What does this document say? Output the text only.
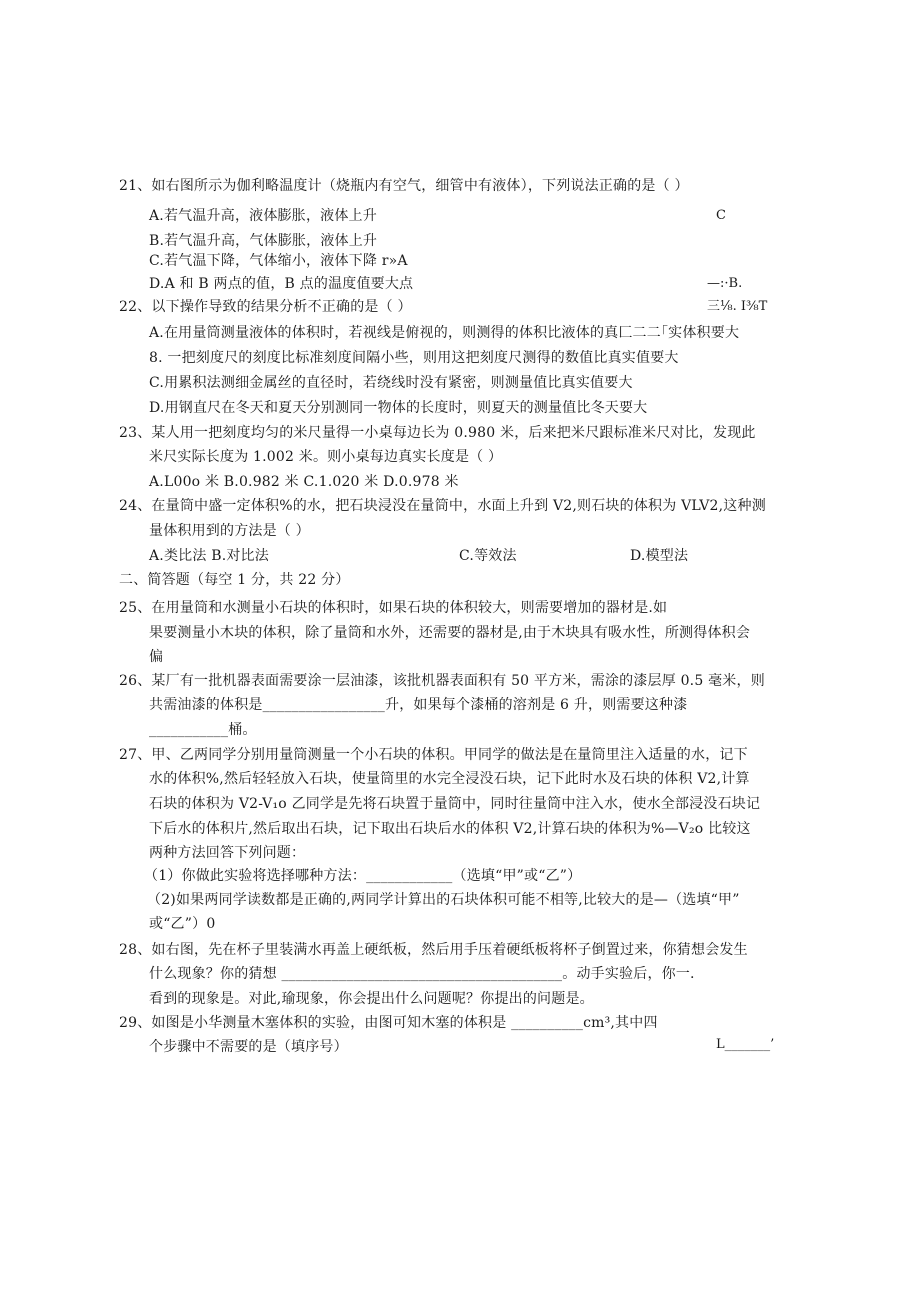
21、如右图所示为伽利略温度计（烧瓶内有空气，细管中有液体），下列说法正确的是（ ）
A.若气温升高，液体膨胀，液体上升	C
B.若气温升高，气体膨胀，液体上升
C.若气温下降，气体缩小，液体下降 r»A
D.A 和 B 两点的值，B 点的温度值要大点	—:·B.
22、以下操作导致的结果分析不正确的是（ ）	三⅛. I⅜T
A.在用量筒测量液体的体积时，若视线是俯视的，则测得的体积比液体的真匚二二｢实体积要大
8. 一把刻度尺的刻度比标准刻度间隔小些，则用这把刻度尺测得的数值比真实值要大
C.用累积法测细金属丝的直径时，若绕线时没有紧密，则测量值比真实值要大
D.用钢直尺在冬天和夏天分别测同一物体的长度时，则夏天的测量值比冬天要大
23、某人用一把刻度均匀的米尺量得一小桌每边长为 0.980 米，后来把米尺跟标准米尺对比，发现此
米尺实际长度为 1.002 米。则小桌每边真实长度是（ ）
A.L00o 米 B.0.982 米 C.1.020 米 D.0.978 米
24、在量筒中盛一定体积%的水，把石块浸没在量筒中，水面上升到 V2,则石块的体积为 VLV2,这种测
量体积用到的方法是（ ）
A.类比法 B.对比法	C.等效法	D.模型法
二、简答题（每空 1 分，共 22 分）
25、在用量筒和水测量小石块的体积时，如果石块的体积较大，则需要增加的器材是.如
果要测量小木块的体积，除了量筒和水外，还需要的器材是,由于木块具有吸水性，所测得体积会
偏
26、某厂有一批机器表面需要涂一层油漆，该批机器表面积有 50 平方米，需涂的漆层厚 0.5 毫米，则
共需油漆的体积是_________________升，如果每个漆桶的溶剂是 6 升，则需要这种漆
___________桶。
27、甲、乙两同学分别用量筒测量一个小石块的体积。甲同学的做法是在量筒里注入适量的水，记下
水的体积%,然后轻轻放入石块，使量筒里的水完全浸没石块，记下此时水及石块的体积 V2,计算
石块的体积为 V2-V₁o 乙同学是先将石块置于量筒中，同时往量筒中注入水，使水全部浸没石块记
下后水的体积片,然后取出石块，记下取出石块后水的体积 V2,计算石块的体积为%—V₂o 比较这
两种方法回答下列问题：
（1）你做此实验将选择哪种方法：____________（选填“甲”或“乙”）
（2)如果两同学读数都是正确的,两同学计算出的石块体积可能不相等,比较大的是—（选填“甲”
或“乙”）0
28、如右图，先在杯子里装满水再盖上硬纸板，然后用手压着硬纸板将杯子倒置过来，你猜想会发生
什么现象？你的猜想 _______________________________________。动手实验后，你一.
看到的现象是。对此,瑜现象，你会提出什么问题呢？你提出的问题是。
29、如图是小华测量木塞体积的实验，由图可知木塞的体积是 __________cm³,其中四
个步骤中不需要的是（填序号）	L_______’
